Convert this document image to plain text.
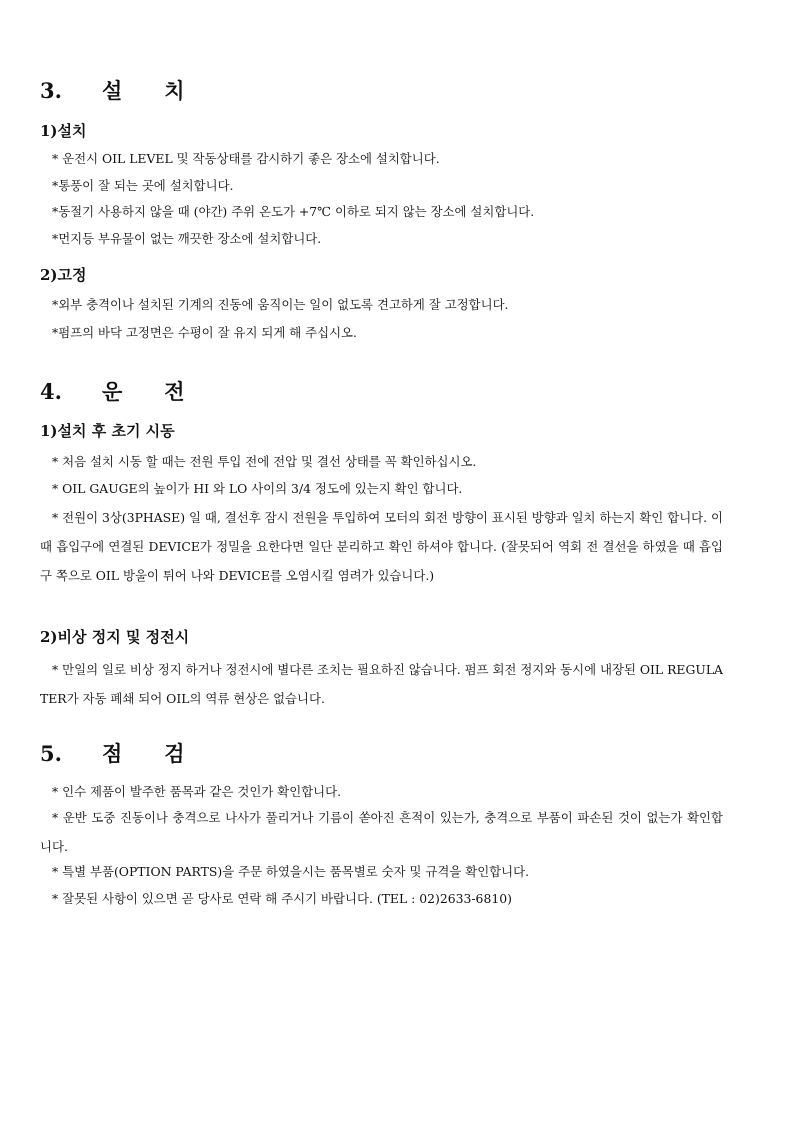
3. 설 치
1)설치

* 운전시 OIL LEVEL 및 작동상태를 감시하기 좋은 장소에 설치합니다.

*통풍이 잘 되는 곳에 설치합니다.

*동절기 사용하지 않을 때 (야간) 주위 온도가 +7℃ 이하로 되지 않는 장소에 설치합니다.

*먼지등 부유물이 없는 깨끗한 장소에 설치합니다.

2)고정

*외부 충격이나 설치된 기계의 진동에 움직이는 일이 없도록 견고하게 잘 고정합니다.

*펌프의 바닥 고정면은 수평이 잘 유지 되게 해 주십시오.

4. 운 전
1)설치 후 초기 시동

* 처음 설치 시동 할 때는 전원 투입 전에 전압 및 결선 상태를 꼭 확인하십시오.

* OIL GAUGE의 높이가 HI 와 LO 사이의 3/4 정도에 있는지 확인 합니다.

* 전원이 3상(3PHASE) 일 때, 결선후 잠시 전원을 투입하여 모터의 회전 방향이 표시된 방향과 일치 하는지 확인 합니다. 이때 흡입구에 연결된 DEVICE가 정밀을 요한다면 일단 분리하고 확인 하셔야 합니다. (잘못되어 역회 전 결선을 하였을 때 흡입구 쪽으로 OIL 방울이 튀어 나와 DEVICE를 오염시킬 염려가 있습니다.)

2)비상 정지 및 정전시

* 만일의 일로 비상 정지 하거나 정전시에 별다른 조치는 필요하진 않습니다. 펌프 회전 정지와 동시에 내장된 OIL REGULATER가 자동 폐쇄 되어 OIL의 역류 현상은 없습니다.

5. 점 검

* 인수 제품이 발주한 품목과 같은 것인가 확인합니다.

* 운반 도중 진동이나 충격으로 나사가 풀리거나 기름이 쏟아진 흔적이 있는가, 충격으로 부품이 파손된 것이 없는가 확인합니다.

* 특별 부품(OPTION PARTS)을 주문 하였을시는 품목별로 숫자 및 규격을 확인합니다.

* 잘못된 사항이 있으면 곧 당사로 연락 해 주시기 바랍니다. (TEL : 02)2633-6810)
